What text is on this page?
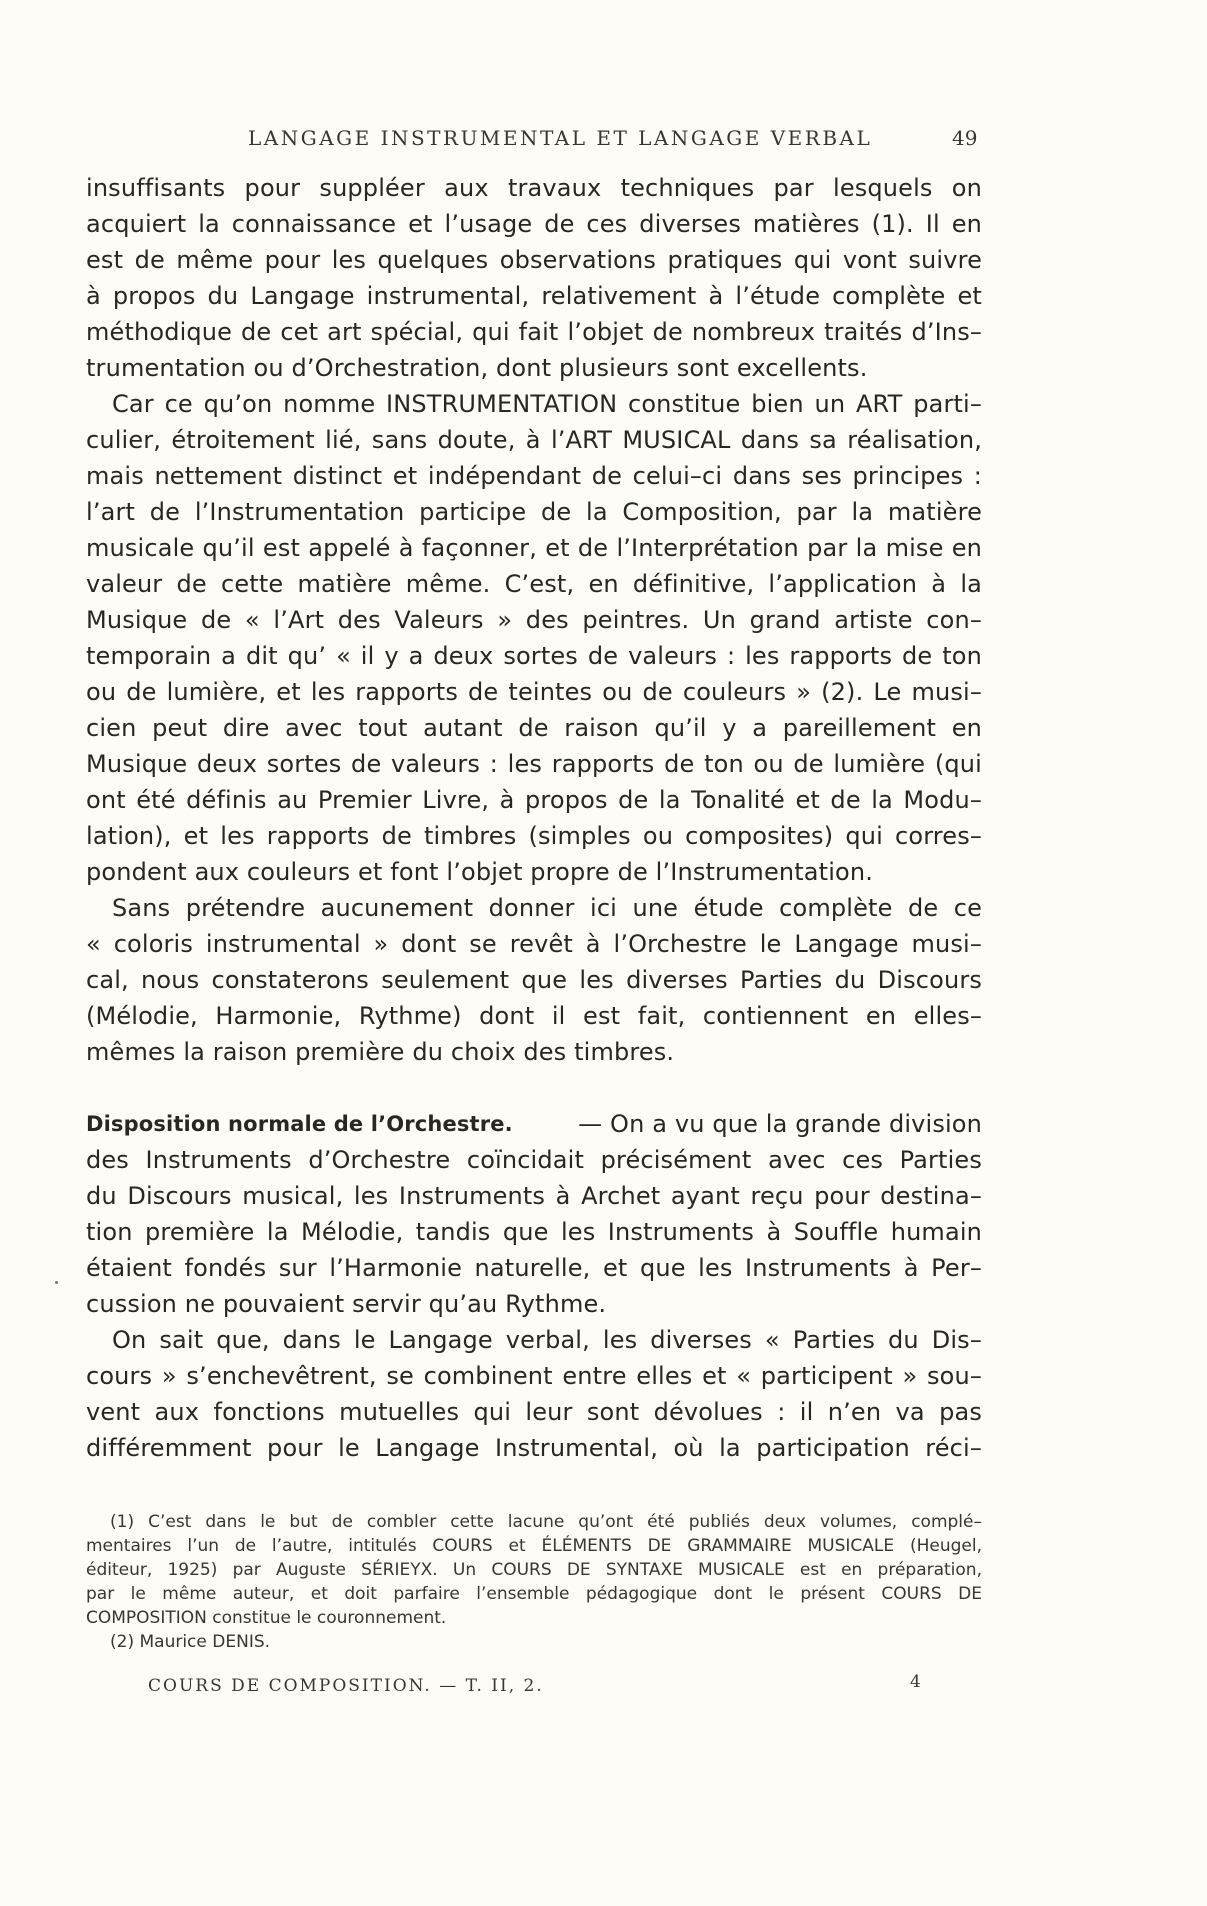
LANGAGE INSTRUMENTAL ET LANGAGE VERBAL	49
insuffisants pour suppléer aux travaux techniques par lesquels on
acquiert la connaissance et l’usage de ces diverses matières (1). Il en
est de même pour les quelques observations pratiques qui vont suivre
à propos du Langage instrumental, relativement à l’étude complète et
méthodique de cet art spécial, qui fait l’objet de nombreux traités d’Ins–
trumentation ou d’Orchestration, dont plusieurs sont excellents.
Car ce qu’on nomme INSTRUMENTATION constitue bien un ART parti–
culier, étroitement lié, sans doute, à l’ART MUSICAL dans sa réalisation,
mais nettement distinct et indépendant de celui–ci dans ses principes :
l’art de l’Instrumentation participe de la Composition, par la matière
musicale qu’il est appelé à façonner, et de l’Interprétation par la mise en
valeur de cette matière même. C’est, en définitive, l’application à la
Musique de « l’Art des Valeurs » des peintres. Un grand artiste con–
temporain a dit qu’ « il y a deux sortes de valeurs : les rapports de ton
ou de lumière, et les rapports de teintes ou de couleurs » (2). Le musi–
cien peut dire avec tout autant de raison qu’il y a pareillement en
Musique deux sortes de valeurs : les rapports de ton ou de lumière (qui
ont été définis au Premier Livre, à propos de la Tonalité et de la Modu–
lation), et les rapports de timbres (simples ou composites) qui corres–
pondent aux couleurs et font l’objet propre de l’Instrumentation.
Sans prétendre aucunement donner ici une étude complète de ce
« coloris instrumental » dont se revêt à l’Orchestre le Langage musi–
cal, nous constaterons seulement que les diverses Parties du Discours
(Mélodie, Harmonie, Rythme) dont il est fait, contiennent en elles–
mêmes la raison première du choix des timbres.
Disposition normale de l’Orchestre.	— On a vu que la grande division
des Instruments d’Orchestre coïncidait précisément avec ces Parties
du Discours musical, les Instruments à Archet ayant reçu pour destina–
tion première la Mélodie, tandis que les Instruments à Souffle humain
étaient fondés sur l’Harmonie naturelle, et que les Instruments à Per–
cussion ne pouvaient servir qu’au Rythme.
On sait que, dans le Langage verbal, les diverses « Parties du Dis–
cours » s’enchevêtrent, se combinent entre elles et « participent » sou–
vent aux fonctions mutuelles qui leur sont dévolues : il n’en va pas
différemment pour le Langage Instrumental, où la participation réci–
(1) C’est dans le but de combler cette lacune qu’ont été publiés deux volumes, complé–
mentaires l’un de l’autre, intitulés COURS et ÉLÉMENTS DE GRAMMAIRE MUSICALE (Heugel,
éditeur, 1925) par Auguste SÉRIEYX. Un COURS DE SYNTAXE MUSICALE est en préparation,
par le même auteur, et doit parfaire l’ensemble pédagogique dont le présent COURS DE
COMPOSITION constitue le couronnement.
(2) Maurice DENIS.
COURS DE COMPOSITION. — T. II, 2.	4
